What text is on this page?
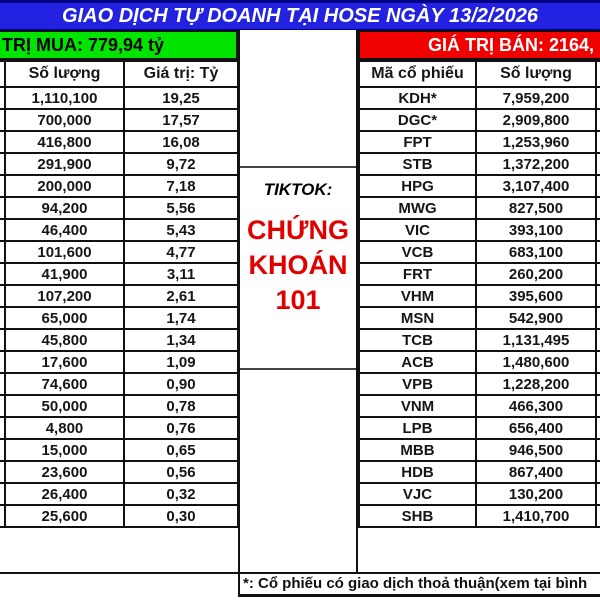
GIAO DỊCH TỰ DOANH TẠI HOSE NGÀY 13/2/2026
TRỊ MUA: 779,94 tỷ
	Số lượng	Giá trị: Tỷ
	1,110,100	19,25
	700,000	17,57
	416,800	16,08
	291,900	9,72
	200,000	7,18
	94,200	5,56
	46,400	5,43
	101,600	4,77
	41,900	3,11
	107,200	2,61
	65,000	1,74
	45,800	1,34
	17,600	1,09
	74,600	0,90
	50,000	0,78
	4,800	0,76
	15,000	0,65
	23,600	0,56
	26,400	0,32
	25,600	0,30
TIKTOK:
CHỨNG
KHOÁN
101
GIÁ TRỊ BÁN: 2164,
Mã cổ phiếu	Số lượng	
KDH*	7,959,200	
DGC*	2,909,800	
FPT	1,253,960	
STB	1,372,200	
HPG	3,107,400	
MWG	827,500	
VIC	393,100	
VCB	683,100	
FRT	260,200	
VHM	395,600	
MSN	542,900	
TCB	1,131,495	
ACB	1,480,600	
VPB	1,228,200	
VNM	466,300	
LPB	656,400	
MBB	946,500	
HDB	867,400	
VJC	130,200	
SHB	1,410,700	
*: Cổ phiếu có giao dịch thoả thuận(xem tại bình
